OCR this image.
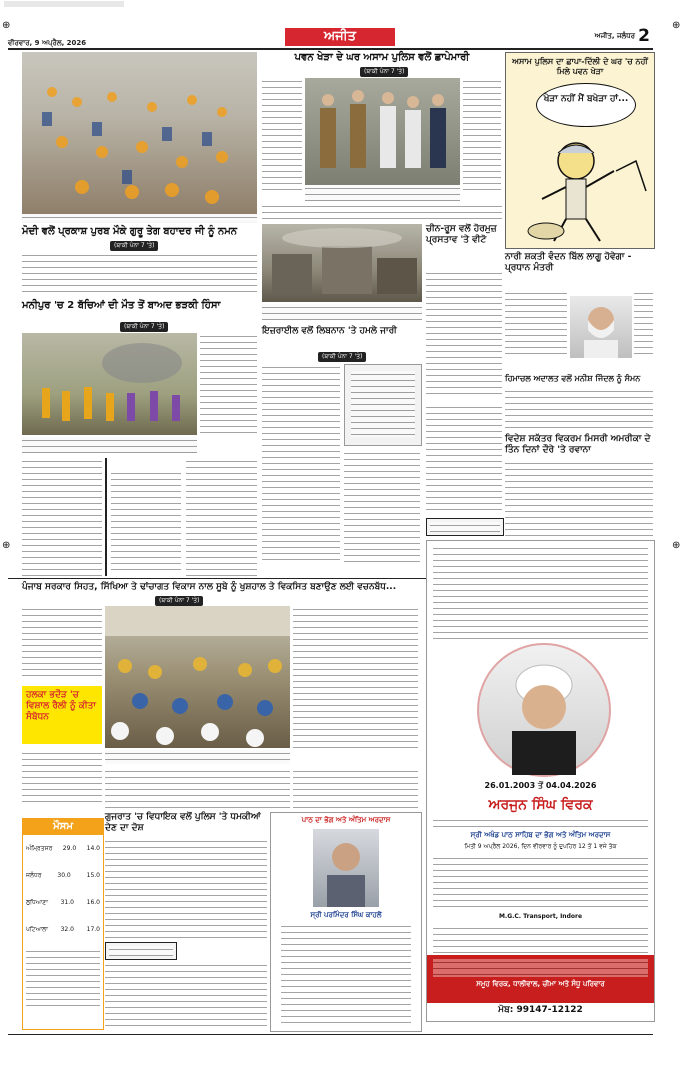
ਵੀਰਵਾਰ, 9 ਅਪ੍ਰੈਲ, 2026	ਅਜੀਤ	ਅਜੀਤ, ਜਲੰਧਰ 2
⊕	⊕
⊕	⊕
ਮੋਦੀ ਵਲੋਂ ਪ੍ਰਕਾਸ਼ ਪੁਰਬ ਮੌਕੇ ਗੁਰੂ ਤੇਗ ਬਹਾਦਰ ਜੀ ਨੂੰ ਨਮਨ
(ਬਾਕੀ ਪੰਨਾ 7 'ਤੇ)
ਮਨੀਪੁਰ 'ਚ 2 ਬੱਚਿਆਂ ਦੀ ਮੌਤ ਤੋਂ ਬਾਅਦ ਭੜਕੀ ਹਿੰਸਾ
(ਬਾਕੀ ਪੰਨਾ 7 'ਤੇ)
ਪਵਨ ਖੇੜਾ ਦੇ ਘਰ ਅਸਾਮ ਪੁਲਿਸ ਵਲੋਂ ਛਾਪੇਮਾਰੀ
(ਬਾਕੀ ਪੰਨਾ 7 'ਤੇ)
ਚੀਨ-ਰੂਸ ਵਲੋਂ ਹੋਰਮੁਜ਼ ਪ੍ਰਸਤਾਵ 'ਤੇ ਵੀਟੋ
ਇਜ਼ਰਾਈਲ ਵਲੋਂ ਲਿਬਨਾਨ 'ਤੇ ਹਮਲੇ ਜਾਰੀ
(ਬਾਕੀ ਪੰਨਾ 7 'ਤੇ)
ਅਸਾਮ ਪੁਲਿਸ ਦਾ ਛਾਪਾ-ਦਿੱਲੀ ਦੇ ਘਰ 'ਚ ਨਹੀਂ ਮਿਲੇ ਪਵਨ ਖੇੜਾ
ਖੇੜਾ ਨਹੀਂ ਮੈਂ ਬਖੇੜਾ ਹਾਂ...
ਨਾਰੀ ਸ਼ਕਤੀ ਵੰਦਨ ਬਿੱਲ ਲਾਗੂ ਹੋਵੇਗਾ - ਪ੍ਰਧਾਨ ਮੰਤਰੀ
ਹਿਮਾਚਲ ਅਦਾਲਤ ਵਲੋਂ ਮਨੀਸ਼ ਜਿੰਦਲ ਨੂੰ ਸੰਮਨ
ਵਿਦੇਸ਼ ਸਕੱਤਰ ਵਿਕਰਮ ਮਿਸਰੀ ਅਮਰੀਕਾ ਦੇ ਤਿੰਨ ਦਿਨਾਂ ਦੌਰੇ 'ਤੇ ਰਵਾਨਾ
ਪੰਜਾਬ ਸਰਕਾਰ ਸਿਹਤ, ਸਿੱਖਿਆ ਤੇ ਢਾਂਚਾਗਤ ਵਿਕਾਸ ਨਾਲ ਸੂਬੇ ਨੂੰ ਖੁਸ਼ਹਾਲ ਤੇ ਵਿਕਸਿਤ ਬਣਾਉਣ ਲਈ ਵਚਨਬੱਧ...
(ਬਾਕੀ ਪੰਨਾ 7 'ਤੇ)
ਹਲਕਾ ਭਦੌੜ 'ਚ ਵਿਸ਼ਾਲ ਰੈਲੀ ਨੂੰ ਕੀਤਾ ਸੰਬੋਧਨ
ਮੌਸਮ
ਅੰਮ੍ਰਿਤਸਰ 29.0 14.0
ਜਲੰਧਰ	30.0	15.0
ਲੁਧਿਆਣਾ 31.0 16.0
ਪਟਿਆਲਾ 32.0 17.0
ਗੁਜਰਾਤ 'ਚ ਵਿਧਾਇਕ ਵਲੋਂ ਪੁਲਿਸ 'ਤੇ ਧਮਕੀਆਂ ਦੇਣ ਦਾ ਦੋਸ਼
ਪਾਠ ਦਾ ਭੋਗ ਅਤੇ ਅੰਤਿਮ ਅਰਦਾਸ
ਸ੍ਰੀ ਪਰਮਿੰਦਰ ਸਿੰਘ ਕਾਹਲੋਂ
26.01.2003 ਤੋਂ 04.04.2026
ਅਰਜੁਨ ਸਿੰਘ ਵਿਰਕ
ਸ੍ਰੀ ਅਖੰਡ ਪਾਠ ਸਾਹਿਬ ਦਾ ਭੋਗ ਅਤੇ ਅੰਤਿਮ ਅਰਦਾਸ
ਮਿਤੀ 9 ਅਪ੍ਰੈਲ 2026, ਦਿਨ ਵੀਰਵਾਰ ਨੂੰ ਦੁਪਹਿਰ 12 ਤੋਂ 1 ਵਜੇ ਤੱਕ
M.G.C. Transport, Indore
ਸਮੂਹ ਵਿਰਕ, ਧਾਲੀਵਾਲ, ਚੀਮਾ ਅਤੇ ਸੰਧੂ ਪਰਿਵਾਰ
ਮੋਬ: 99147-12122
